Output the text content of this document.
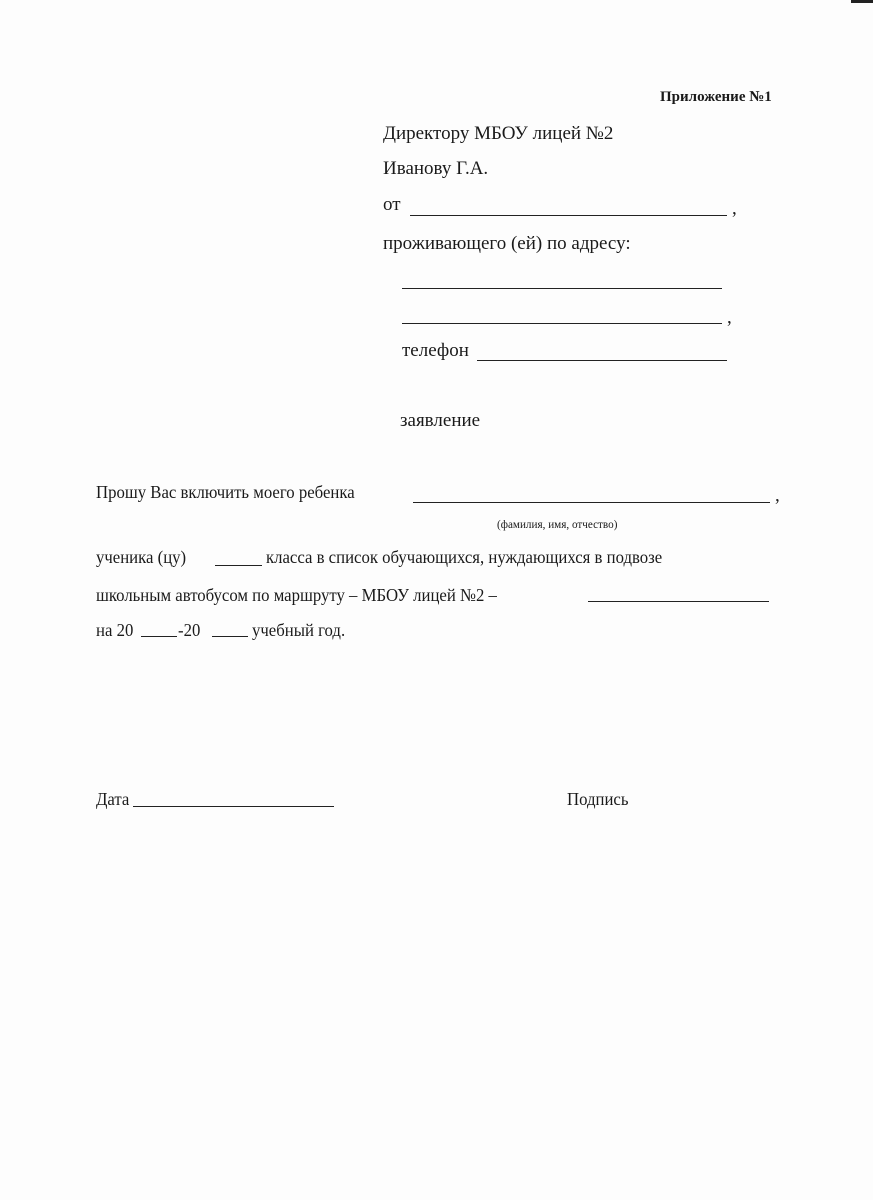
Приложение №1
Директору МБОУ лицей №2
Иванову Г.А.
от	,
проживающего (ей) по адресу:
,
телефон
заявление
Прошу Вас включить моего ребенка	,
(фамилия, имя, отчество)
ученика (цу)	класса в список обучающихся, нуждающихся в подвозе
школьным автобусом по маршруту – МБОУ лицей №2 –
на 20 -20	учебный год.
Дата	Подпись
